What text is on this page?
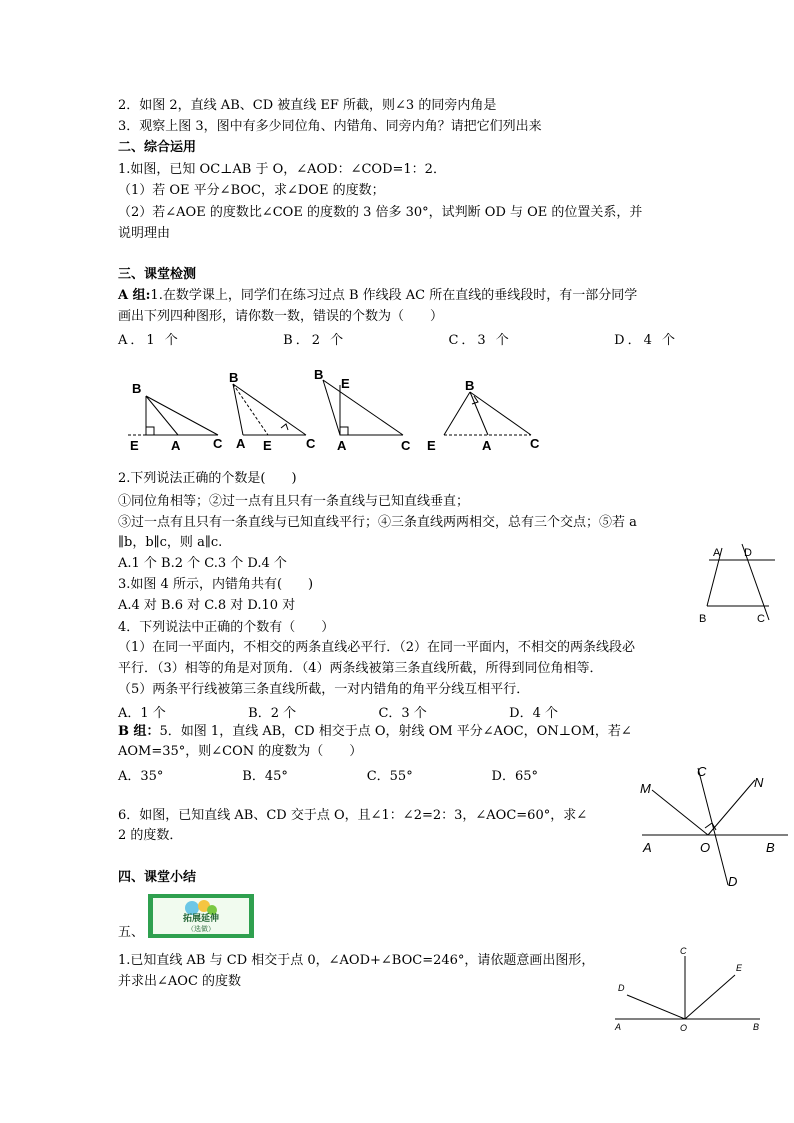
2．如图 2，直线 AB、CD 被直线 EF 所截，则∠3 的同旁内角是
3．观察上图 3，图中有多少同位角、内错角、同旁内角？请把它们列出来
二、综合运用
1.如图，已知 OC⊥AB 于 O，∠AOD：∠COD=1：2．
（1）若 OE 平分∠BOC，求∠DOE 的度数；
（2）若∠AOE 的度数比∠COE 的度数的 3 倍多 30°，试判断 OD 与 OE 的位置关系，并
说明理由
三、课堂检测
A 组:1.在数学课上，同学们在练习过点 B 作线段 AC 所在直线的垂线段时，有一部分同学
画出下列四种图形，请你数一数，错误的个数为（　　）
A．1 个	B．2 个	C．3 个	D．4 个
B
E A	C
B
A E	C
B
E
A	C
B
E	A	C
2.下列说法正确的个数是(　　)
①同位角相等；②过一点有且只有一条直线与已知直线垂直；
③过一点有且只有一条直线与已知直线平行；④三条直线两两相交，总有三个交点；⑤若 a
∥b，b∥c，则 a∥c.
A.1 个 B.2 个 C.3 个 D.4 个
3.如图 4 所示，内错角共有(　　)
A.4 对 B.6 对 C.8 对 D.10 对
A D
B	C
4．下列说法中正确的个数有（　　）
（1）在同一平面内，不相交的两条直线必平行．（2）在同一平面内，不相交的两条线段必
平行．（3）相等的角是对顶角．（4）两条线被第三条直线所截，所得到同位角相等．
（5）两条平行线被第三条直线所截，一对内错角的角平分线互相平行．
A．1 个	B．2 个	C．3 个	D．4 个
B 组：5．如图 1，直线 AB，CD 相交于点 O，射线 OM 平分∠AOC，ON⊥OM，若∠
AOM=35°，则∠CON 的度数为（　　）
A．35°	B．45°	C．55°	D．65°
M
C
N
A	O	B
D
6．如图，已知直线 AB、CD 交于点 O，且∠1：∠2=2：3，∠AOC=60°，求∠
2 的度数．
四、课堂小结
五、
拓展延伸
（选做）
1.已知直线 AB 与 CD 相交于点 0，∠AOD+∠BOC=246°，请依题意画出图形，
并求出∠AOC 的度数
C
E
D
A	O	B
